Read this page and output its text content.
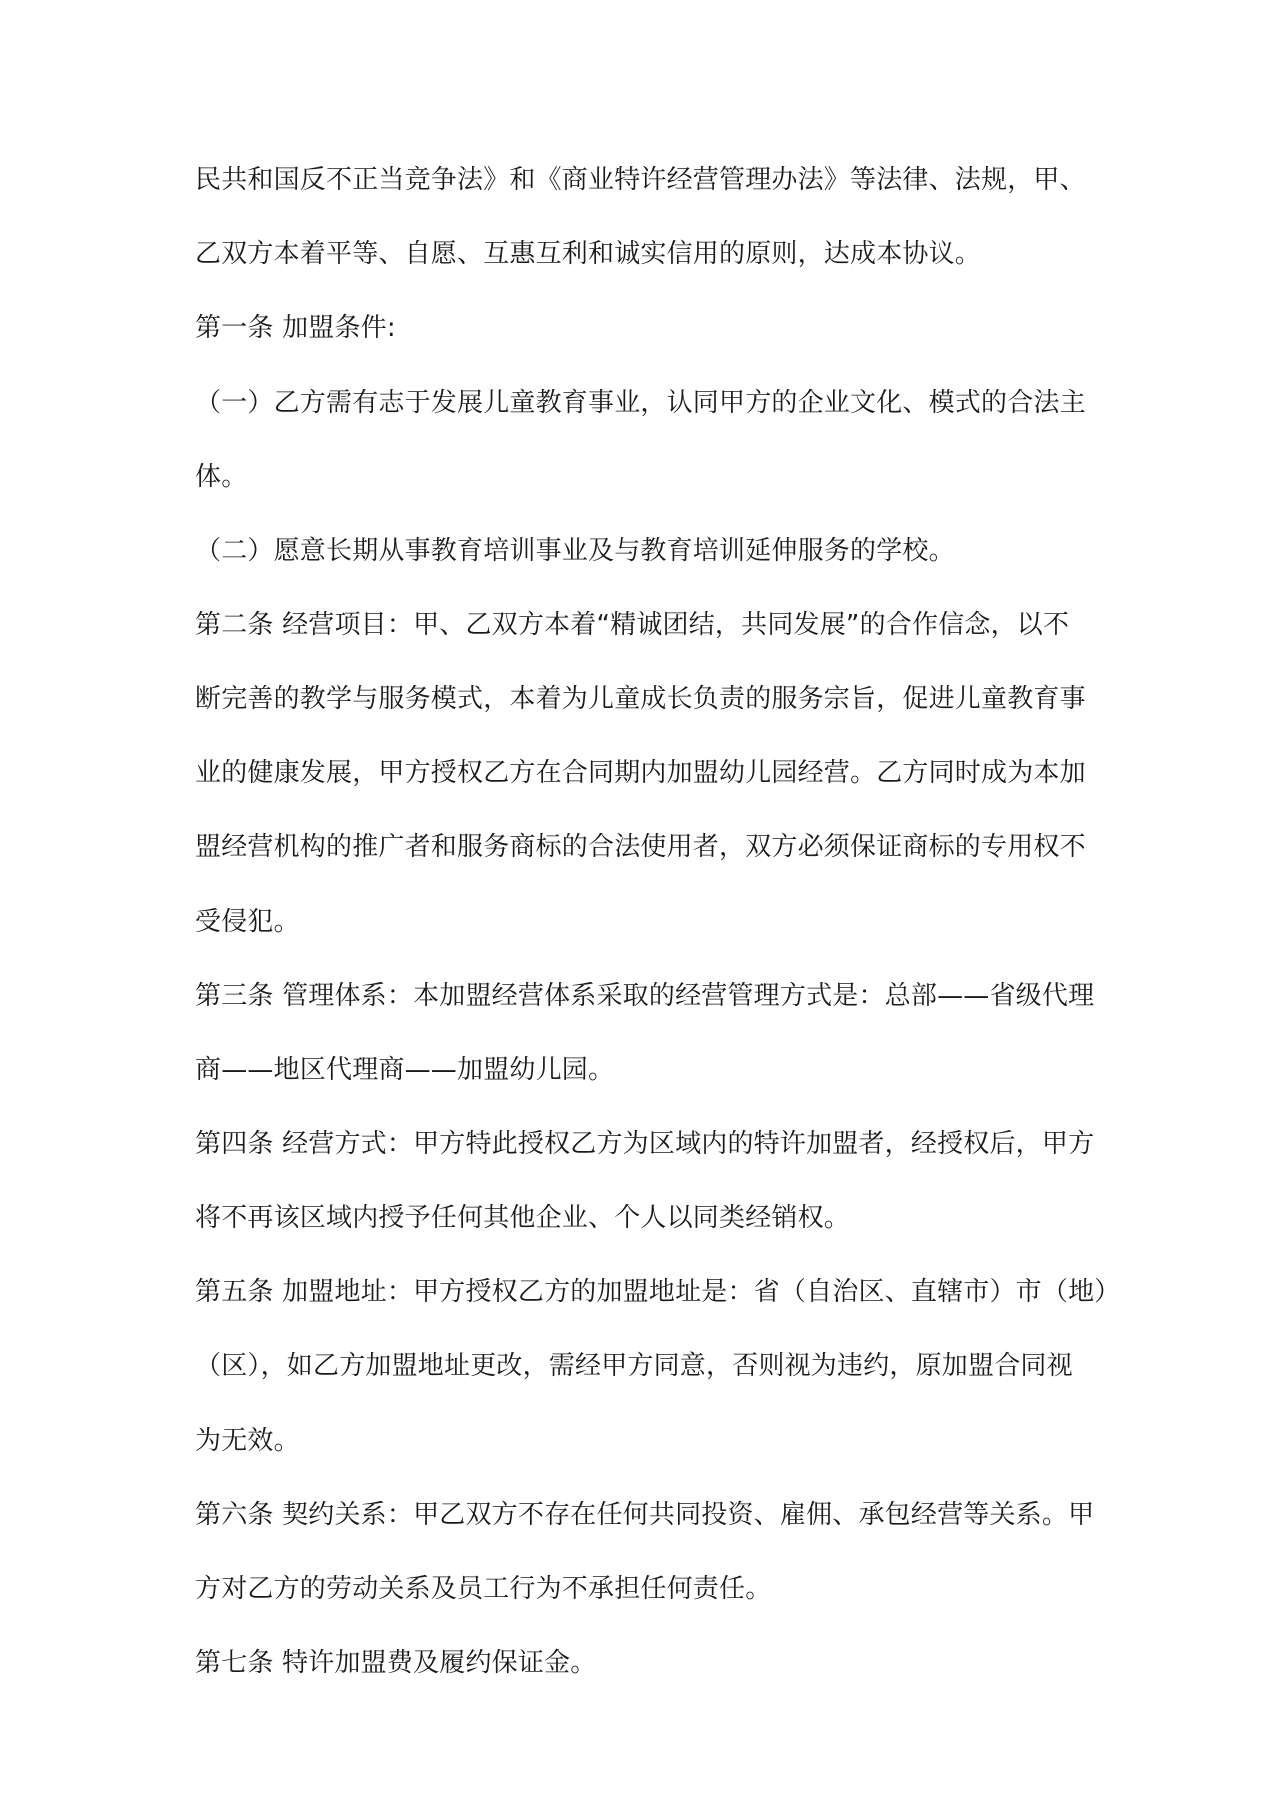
民共和国反不正当竞争法》和《商业特许经营管理办法》等法律、法规，甲、
乙双方本着平等、自愿、互惠互利和诚实信用的原则，达成本协议。
第一条 加盟条件:
（一）乙方需有志于发展儿童教育事业，认同甲方的企业文化、模式的合法主
体。
（二）愿意长期从事教育培训事业及与教育培训延伸服务的学校。
第二条 经营项目：甲、乙双方本着“精诚团结，共同发展”的合作信念，以不
断完善的教学与服务模式，本着为儿童成长负责的服务宗旨，促进儿童教育事
业的健康发展，甲方授权乙方在合同期内加盟幼儿园经营。乙方同时成为本加
盟经营机构的推广者和服务商标的合法使用者，双方必须保证商标的专用权不
受侵犯。
第三条 管理体系：本加盟经营体系采取的经营管理方式是：总部——省级代理
商——地区代理商——加盟幼儿园。
第四条 经营方式：甲方特此授权乙方为区域内的特许加盟者，经授权后，甲方
将不再该区域内授予任何其他企业、个人以同类经销权。
第五条 加盟地址：甲方授权乙方的加盟地址是：省（自治区、直辖市）市（地）
（区），如乙方加盟地址更改，需经甲方同意，否则视为违约，原加盟合同视
为无效。
第六条 契约关系：甲乙双方不存在任何共同投资、雇佣、承包经营等关系。甲
方对乙方的劳动关系及员工行为不承担任何责任。
第七条 特许加盟费及履约保证金。
